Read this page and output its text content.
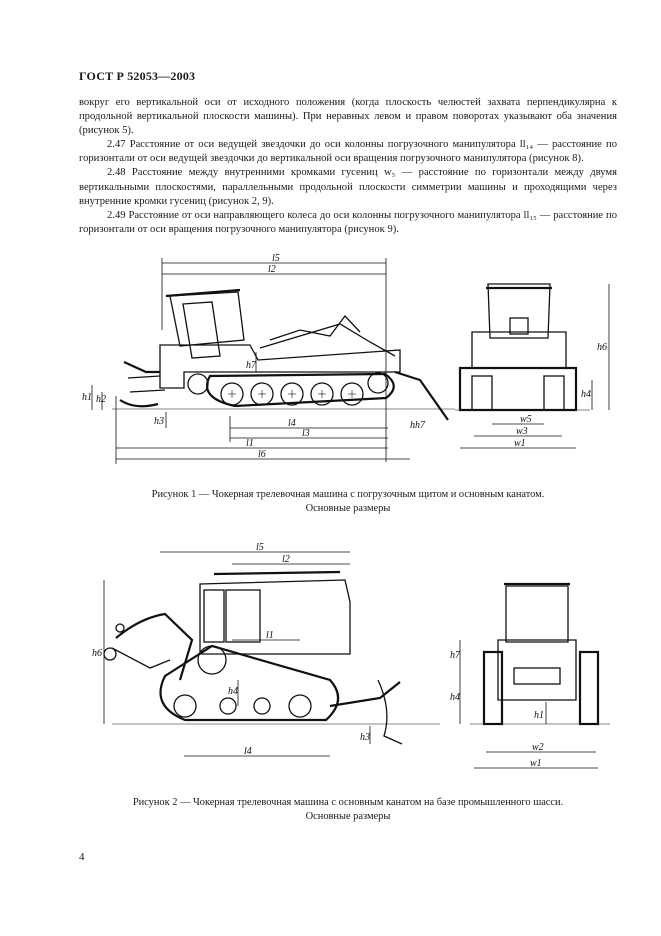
ГОСТ Р 52053—2003

вокруг его вертикальной оси от исходного положения (когда плоскость челюстей захвата перпендикулярна к продольной вертикальной плоскости машины). При неравных левом и правом поворотах указывают оба значения (рисунок 5).

2.47 Расстояние от оси ведущей звездочки до оси колонны погрузочного манипулятора ll₁₄ — расстояние по горизонтали от оси ведущей звездочки до вертикальной оси вращения погрузочного манипулятора (рисунок 8).

2.48 Расстояние между внутренними кромками гусениц w₅ — расстояние по горизонтали между двумя вертикальными плоскостями, параллельными продольной плоскости симметрии машины и проходящими через внутренние кромки гусениц (рисунок 2, 9).

2.49 Расстояние от оси направляющего колеса до оси колонны погрузочного манипулятора ll₁₅ — расстояние по горизонтали от оси вращения погрузочного манипулятора (рисунок 9).

l5
l2
l4
l3
l1
l6
h1 h2
h3
h7
hh7
h6
h4
w5
w3
w1
Рисунок 1 — Чокерная трелевочная машина с погрузочным щитом и основным канатом.
Основные размеры
l5
l2
l1
h6
h4
h3
l4
h7
h4
h1
w2
w1
Рисунок 2 — Чокерная трелевочная машина с основным канатом на базе промышленного шасси.
Основные размеры
4
